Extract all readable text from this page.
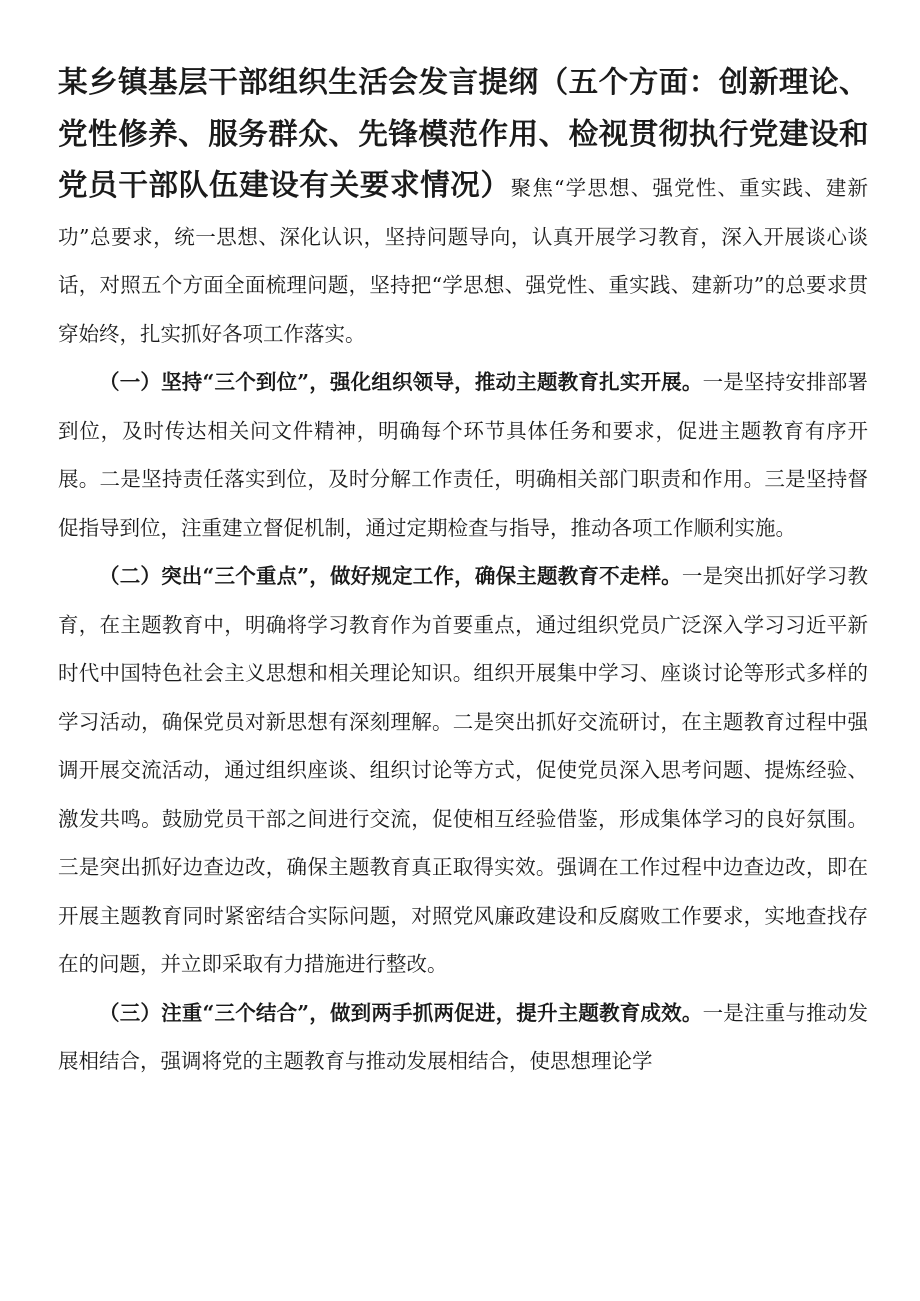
某乡镇基层干部组织生活会发言提纲（五个方面：创新理论、党性修养、服务群众、先锋模范作用、检视贯彻执行党建设和党员干部队伍建设有关要求情况）聚焦“学思想、强党性、重实践、建新功”总要求，统一思想、深化认识，坚持问题导向，认真开展学习教育，深入开展谈心谈话，对照五个方面全面梳理问题，坚持把“学思想、强党性、重实践、建新功”的总要求贯穿始终，扎实抓好各项工作落实。

（一）坚持“三个到位”，强化组织领导，推动主题教育扎实开展。一是坚持安排部署到位，及时传达相关问文件精神，明确每个环节具体任务和要求，促进主题教育有序开展。二是坚持责任落实到位，及时分解工作责任，明确相关部门职责和作用。三是坚持督促指导到位，注重建立督促机制，通过定期检查与指导，推动各项工作顺利实施。

（二）突出“三个重点”，做好规定工作，确保主题教育不走样。一是突出抓好学习教育，在主题教育中，明确将学习教育作为首要重点，通过组织党员广泛深入学习习近平新时代中国特色社会主义思想和相关理论知识。组织开展集中学习、座谈讨论等形式多样的学习活动，确保党员对新思想有深刻理解。二是突出抓好交流研讨，在主题教育过程中强调开展交流活动，通过组织座谈、组织讨论等方式，促使党员深入思考问题、提炼经验、激发共鸣。鼓励党员干部之间进行交流，促使相互经验借鉴，形成集体学习的良好氛围。三是突出抓好边查边改，确保主题教育真正取得实效。强调在工作过程中边查边改，即在开展主题教育同时紧密结合实际问题，对照党风廉政建设和反腐败工作要求，实地查找存在的问题，并立即采取有力措施进行整改。

（三）注重“三个结合”，做到两手抓两促进，提升主题教育成效。一是注重与推动发展相结合，强调将党的主题教育与推动发展相结合，使思想理论学
